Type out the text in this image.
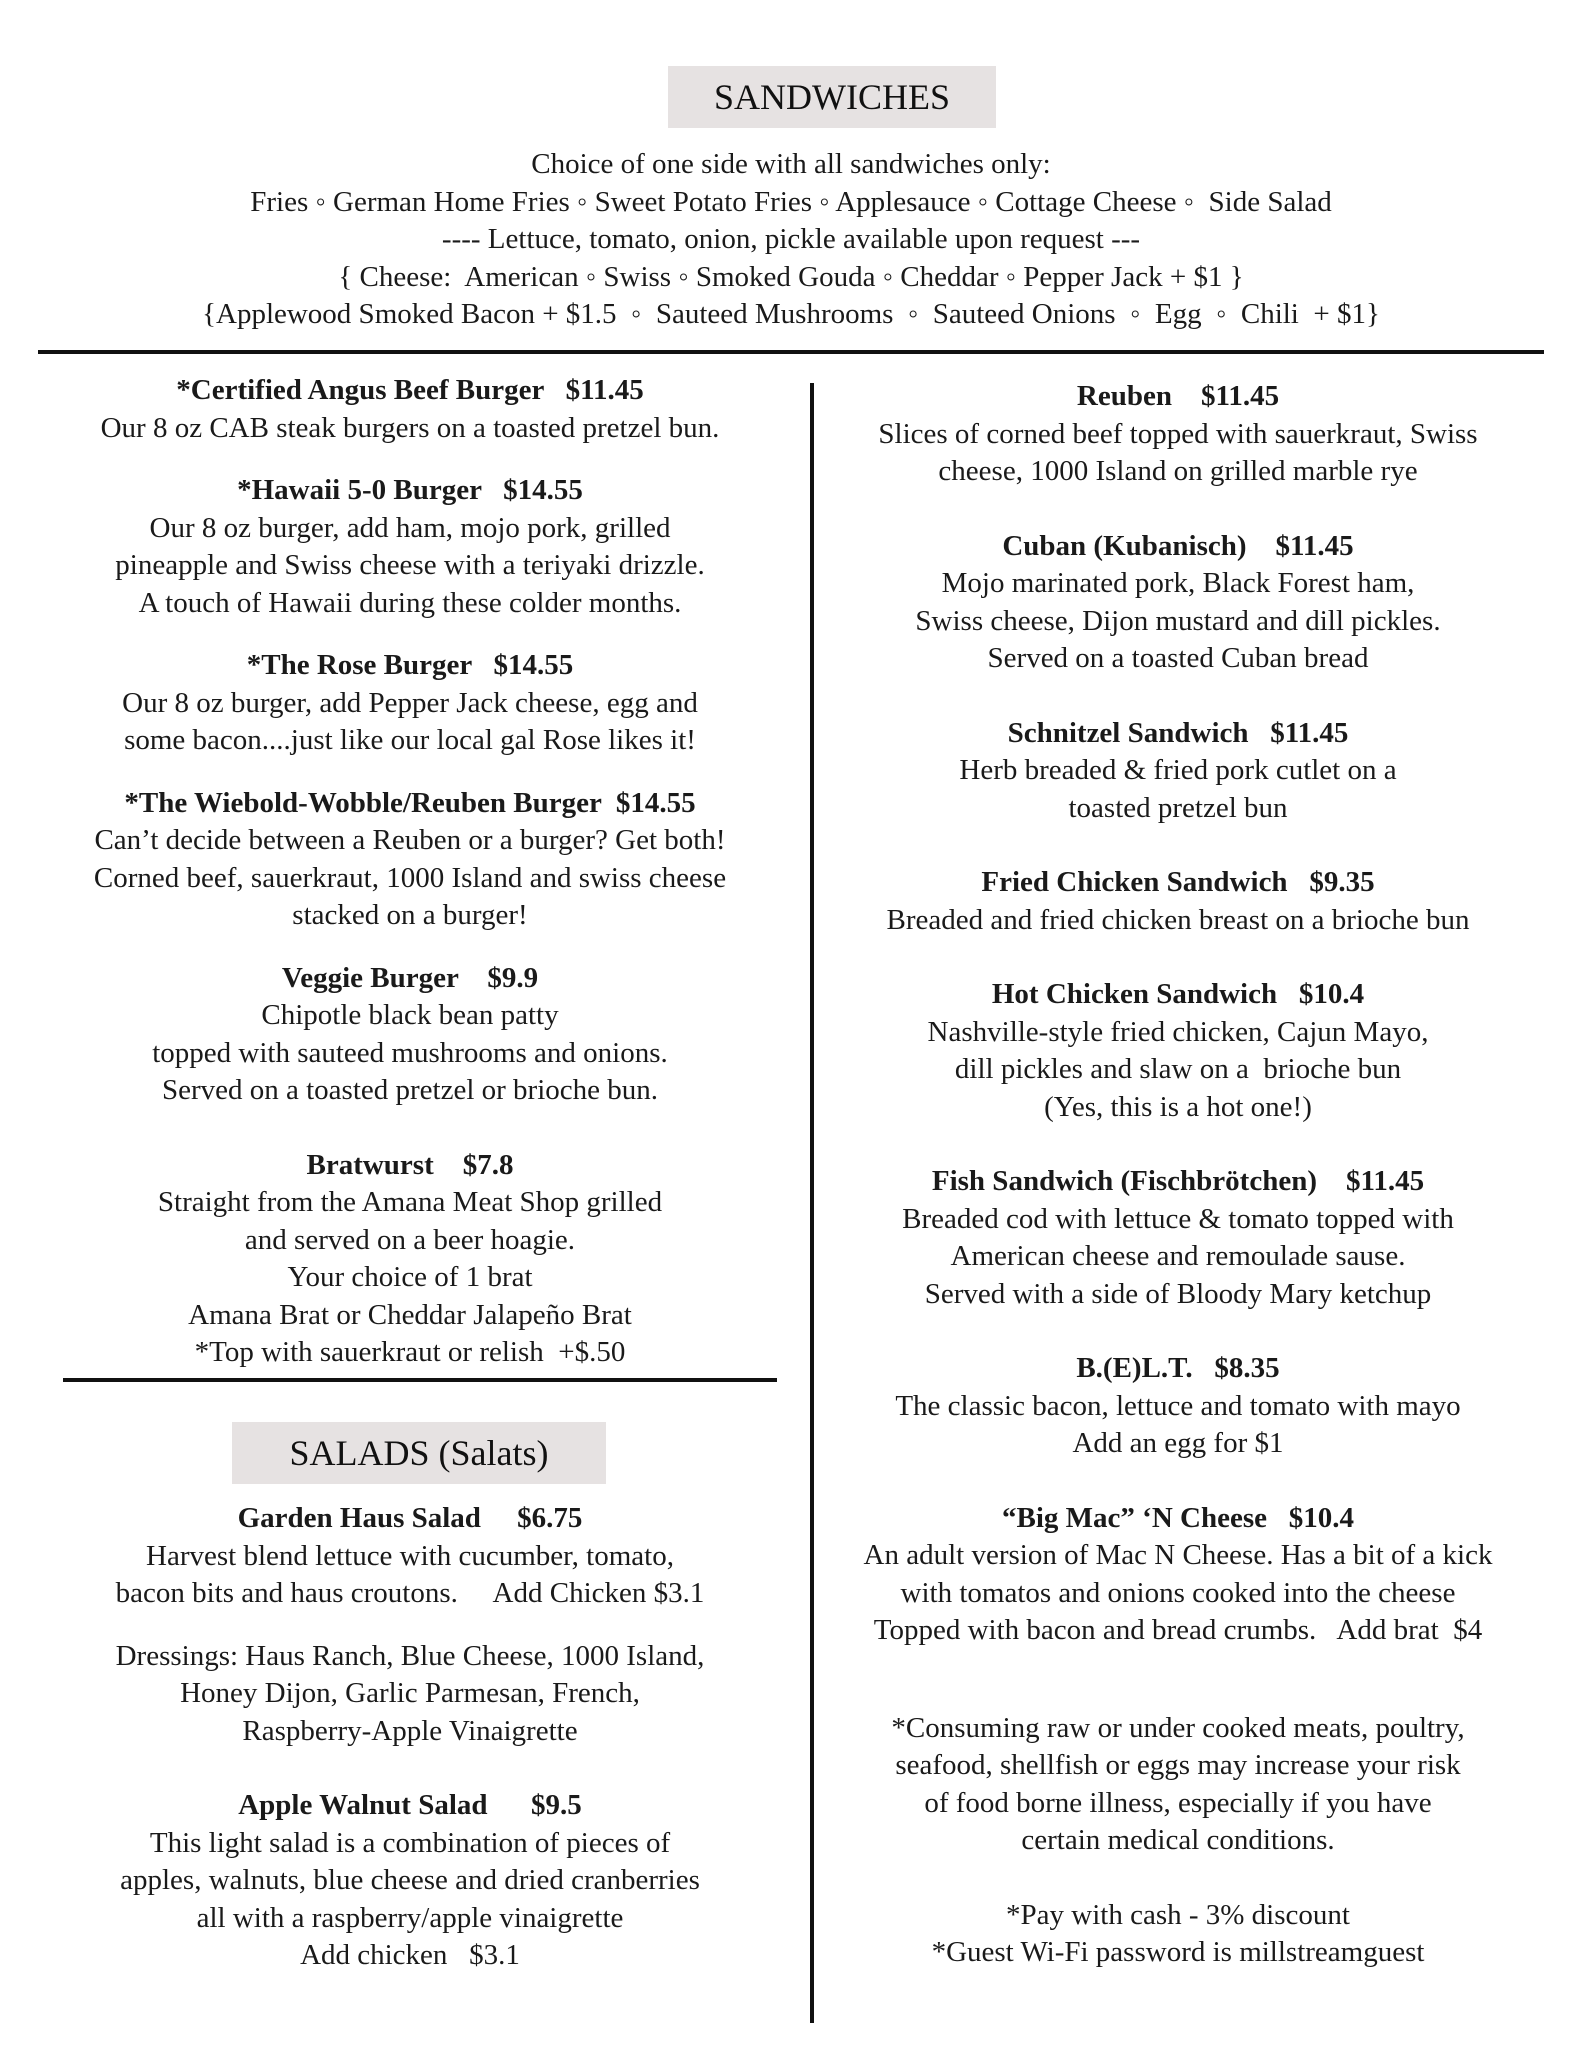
SANDWICHES
Choice of one side with all sandwiches only:
Fries ◦ German Home Fries ◦ Sweet Potato Fries ◦ Applesauce ◦ Cottage Cheese ◦  Side Salad
---- Lettuce, tomato, onion, pickle available upon request ---
{ Cheese:  American ◦ Swiss ◦ Smoked Gouda ◦ Cheddar ◦ Pepper Jack + $1 }
{Applewood Smoked Bacon + $1.5  ◦  Sauteed Mushrooms  ◦  Sauteed Onions  ◦  Egg  ◦  Chili  + $1}
*Certified Angus Beef Burger   $11.45
Our 8 oz CAB steak burgers on a toasted pretzel bun.
*Hawaii 5-0 Burger   $14.55
Our 8 oz burger, add ham, mojo pork, grilled
pineapple and Swiss cheese with a teriyaki drizzle.
A touch of Hawaii during these colder months.
*The Rose Burger   $14.55
Our 8 oz burger, add Pepper Jack cheese, egg and
some bacon....just like our local gal Rose likes it!
*The Wiebold-Wobble/Reuben Burger  $14.55
Can’t decide between a Reuben or a burger? Get both!
Corned beef, sauerkraut, 1000 Island and swiss cheese
stacked on a burger!
Veggie Burger    $9.9
Chipotle black bean patty
topped with sauteed mushrooms and onions.
Served on a toasted pretzel or brioche bun.
Bratwurst    $7.8
Straight from the Amana Meat Shop grilled
and served on a beer hoagie.
Your choice of 1 brat
Amana Brat or Cheddar Jalapeño Brat
*Top with sauerkraut or relish  +$.50
SALADS (Salats)
Garden Haus Salad     $6.75
Harvest blend lettuce with cucumber, tomato,
bacon bits and haus croutons.     Add Chicken $3.1
Dressings: Haus Ranch, Blue Cheese, 1000 Island,
Honey Dijon, Garlic Parmesan, French,
Raspberry-Apple Vinaigrette
Apple Walnut Salad      $9.5
This light salad is a combination of pieces of
apples, walnuts, blue cheese and dried cranberries
all with a raspberry/apple vinaigrette
Add chicken   $3.1
Reuben    $11.45
Slices of corned beef topped with sauerkraut, Swiss
cheese, 1000 Island on grilled marble rye
Cuban (Kubanisch)    $11.45
Mojo marinated pork, Black Forest ham,
Swiss cheese, Dijon mustard and dill pickles.
Served on a toasted Cuban bread
Schnitzel Sandwich   $11.45
Herb breaded & fried pork cutlet on a
toasted pretzel bun
Fried Chicken Sandwich   $9.35
Breaded and fried chicken breast on a brioche bun
Hot Chicken Sandwich   $10.4
Nashville-style fried chicken, Cajun Mayo,
dill pickles and slaw on a  brioche bun
(Yes, this is a hot one!)
Fish Sandwich (Fischbrötchen)    $11.45
Breaded cod with lettuce & tomato topped with
American cheese and remoulade sause.
Served with a side of Bloody Mary ketchup
B.(E)L.T.   $8.35
The classic bacon, lettuce and tomato with mayo
Add an egg for $1
“Big Mac” ‘N Cheese   $10.4
An adult version of Mac N Cheese. Has a bit of a kick
with tomatos and onions cooked into the cheese
Topped with bacon and bread crumbs.   Add brat  $4
*Consuming raw or under cooked meats, poultry,
seafood, shellfish or eggs may increase your risk
of food borne illness, especially if you have
certain medical conditions.
*Pay with cash - 3% discount
*Guest Wi-Fi password is millstreamguest
